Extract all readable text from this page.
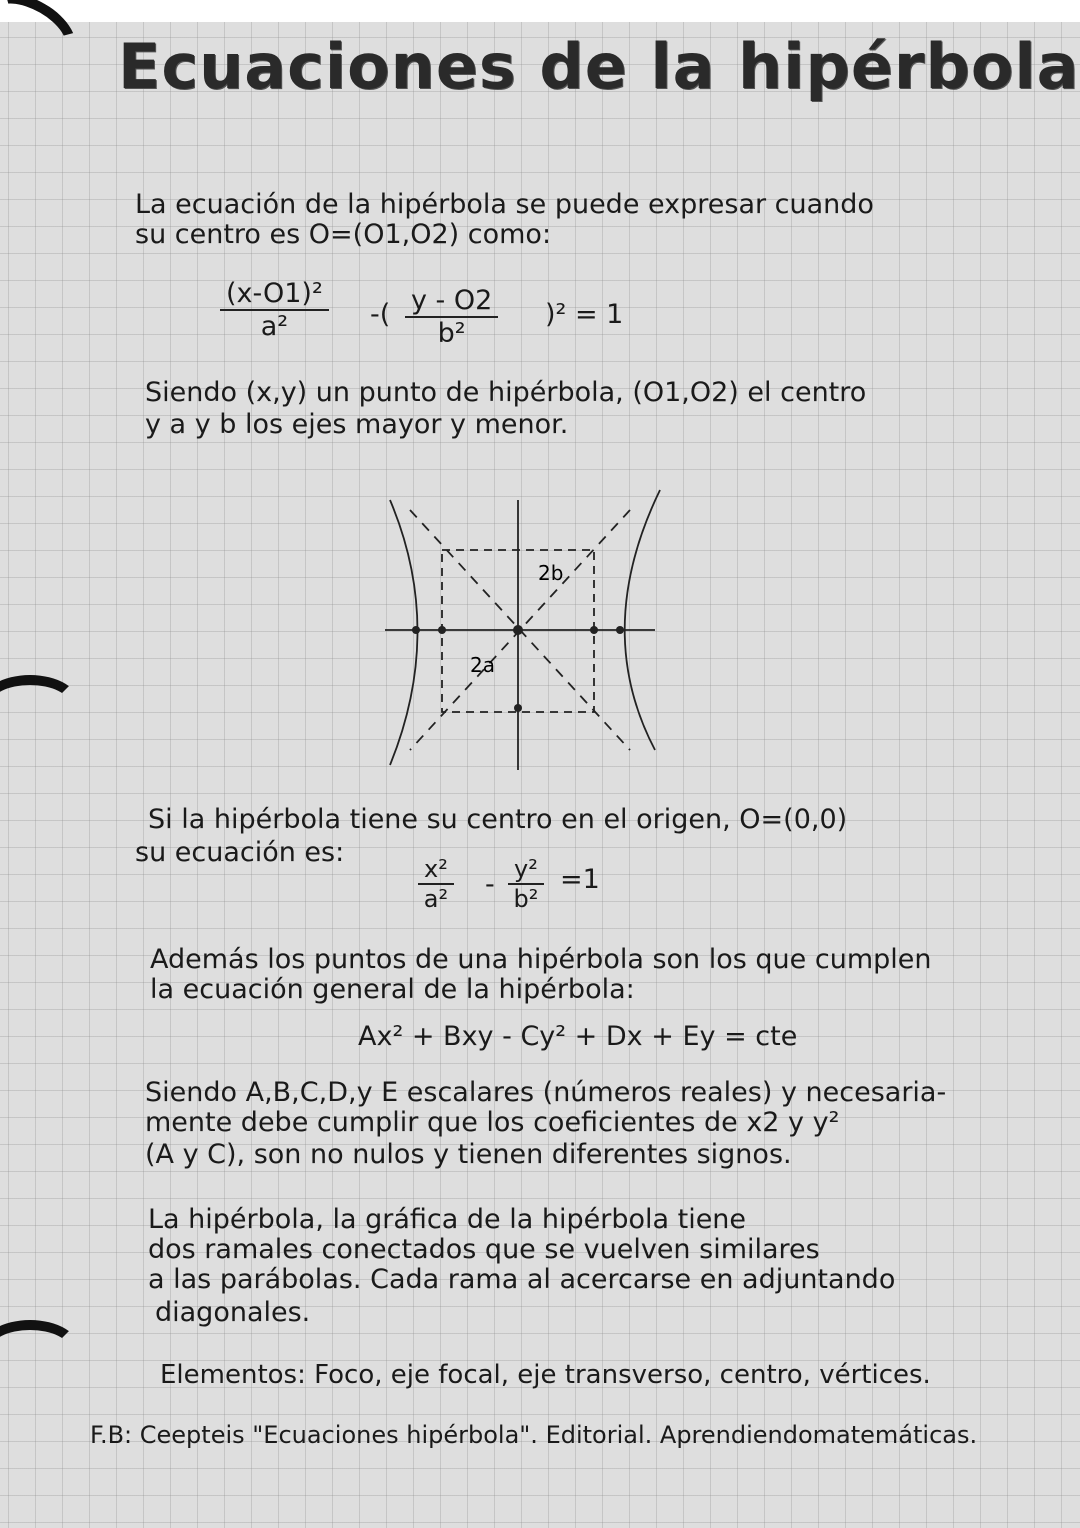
Ecuaciones de la hipérbola
La ecuación de la hipérbola se puede expresar cuando
su centro es O=(O1,O2) como:
$\frac{\text{(x-O1)²}}{\text{a²}}$ -( $\frac{y - O2}{\text{b²}} )^2 = 1$
Siendo (x,y) un punto de hipérbola, (O1,O2) el centro
y a y b los ejes mayor y menor.
2b
2a
Si la hipérbola tiene su centro en el origen, O=(0,0)
su ecuación es:
$\frac{\text{x²}}{\text{a²}} - \frac{\text{y²}}{\text{b²}} =1$
Además los puntos de una hipérbola son los que cumplen
la ecuación general de la hipérbola:
Ax² + Bxy - Cy² + Dx + Ey = cte
Siendo A,B,C,D,y E escalares (números reales) y necesaria-
mente debe cumplir que los coeficientes de x2 y y²
(A y C), son no nulos y tienen diferentes signos.
La hipérbola, la gráfica de la hipérbola tiene
dos ramales conectados que se vuelven similares
a las parábolas. Cada rama al acercarse en adjuntando
diagonales.
Elementos: Foco, eje focal, eje transverso, centro, vértices.
F.B: Ceepteis "Ecuaciones hipérbola". Editorial. Aprendiendomatemáticas.
